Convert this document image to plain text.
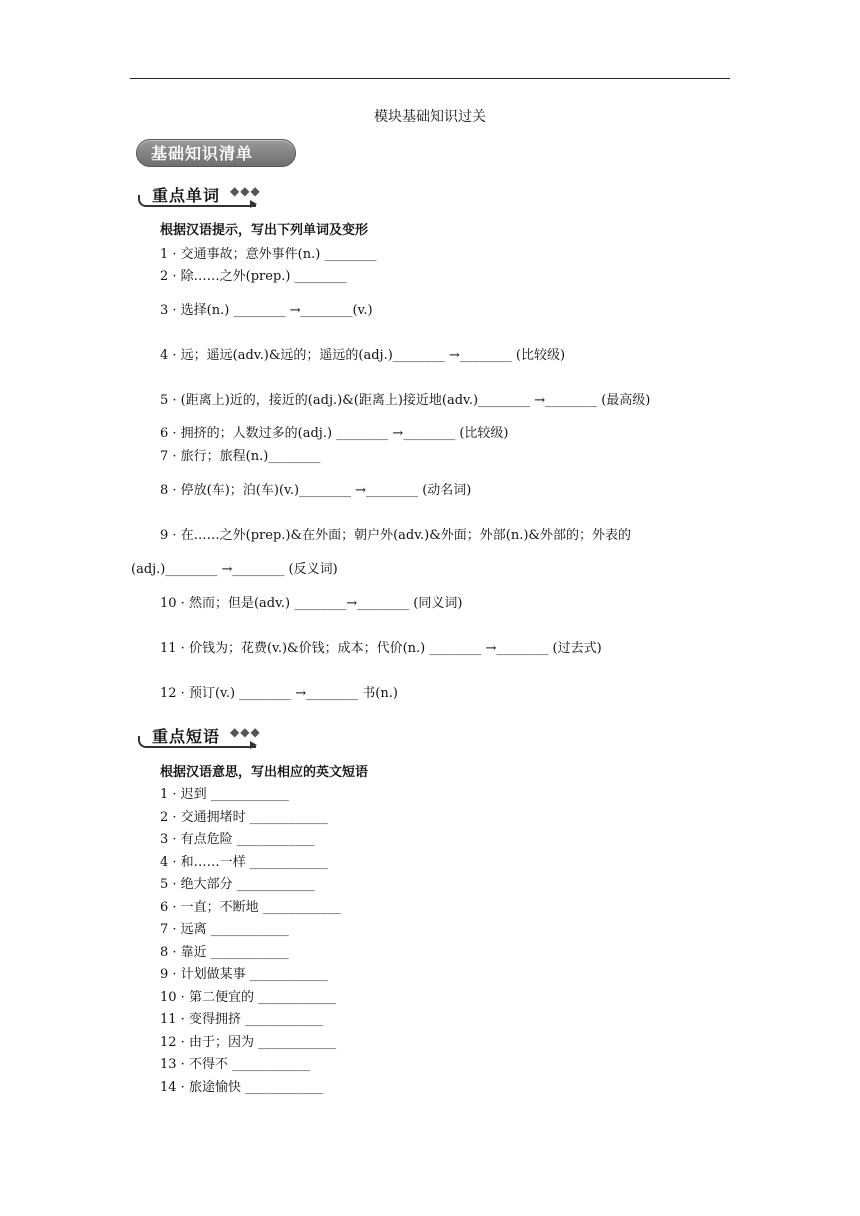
模块基础知识过关
基础知识清单
重点单词 ◆◆◆
根据汉语提示，写出下列单词及变形
1 · 交通事故；意外事件(n.) ________
2 · 除……之外(prep.) ________
3 · 选择(n.) ________ →________(v.)
4 · 远；遥远(adv.)&远的；遥远的(adj.)________ →________ (比较级)
5 · (距离上)近的，接近的(adj.)&(距离上)接近地(adv.)________ →________ (最高级)
6 · 拥挤的；人数过多的(adj.) ________ →________ (比较级)
7 · 旅行；旅程(n.)________
8 · 停放(车)；泊(车)(v.)________ →________ (动名词)
9 · 在……之外(prep.)&在外面；朝户外(adv.)&外面；外部(n.)&外部的；外表的
(adj.)________ →________ (反义词)
10 · 然而；但是(adv.) ________→________ (同义词)
11 · 价钱为；花费(v.)&价钱；成本；代价(n.) ________ →________ (过去式)
12 · 预订(v.) ________ →________ 书(n.)
重点短语 ◆◆◆
根据汉语意思，写出相应的英文短语
1 · 迟到 ____________
2 · 交通拥堵时 ____________
3 · 有点危险 ____________
4 · 和……一样 ____________
5 · 绝大部分 ____________
6 · 一直；不断地 ____________
7 · 远离 ____________
8 · 靠近 ____________
9 · 计划做某事 ____________
10 · 第二便宜的 ____________
11 · 变得拥挤 ____________
12 · 由于；因为 ____________
13 · 不得不 ____________
14 · 旅途愉快 ____________
